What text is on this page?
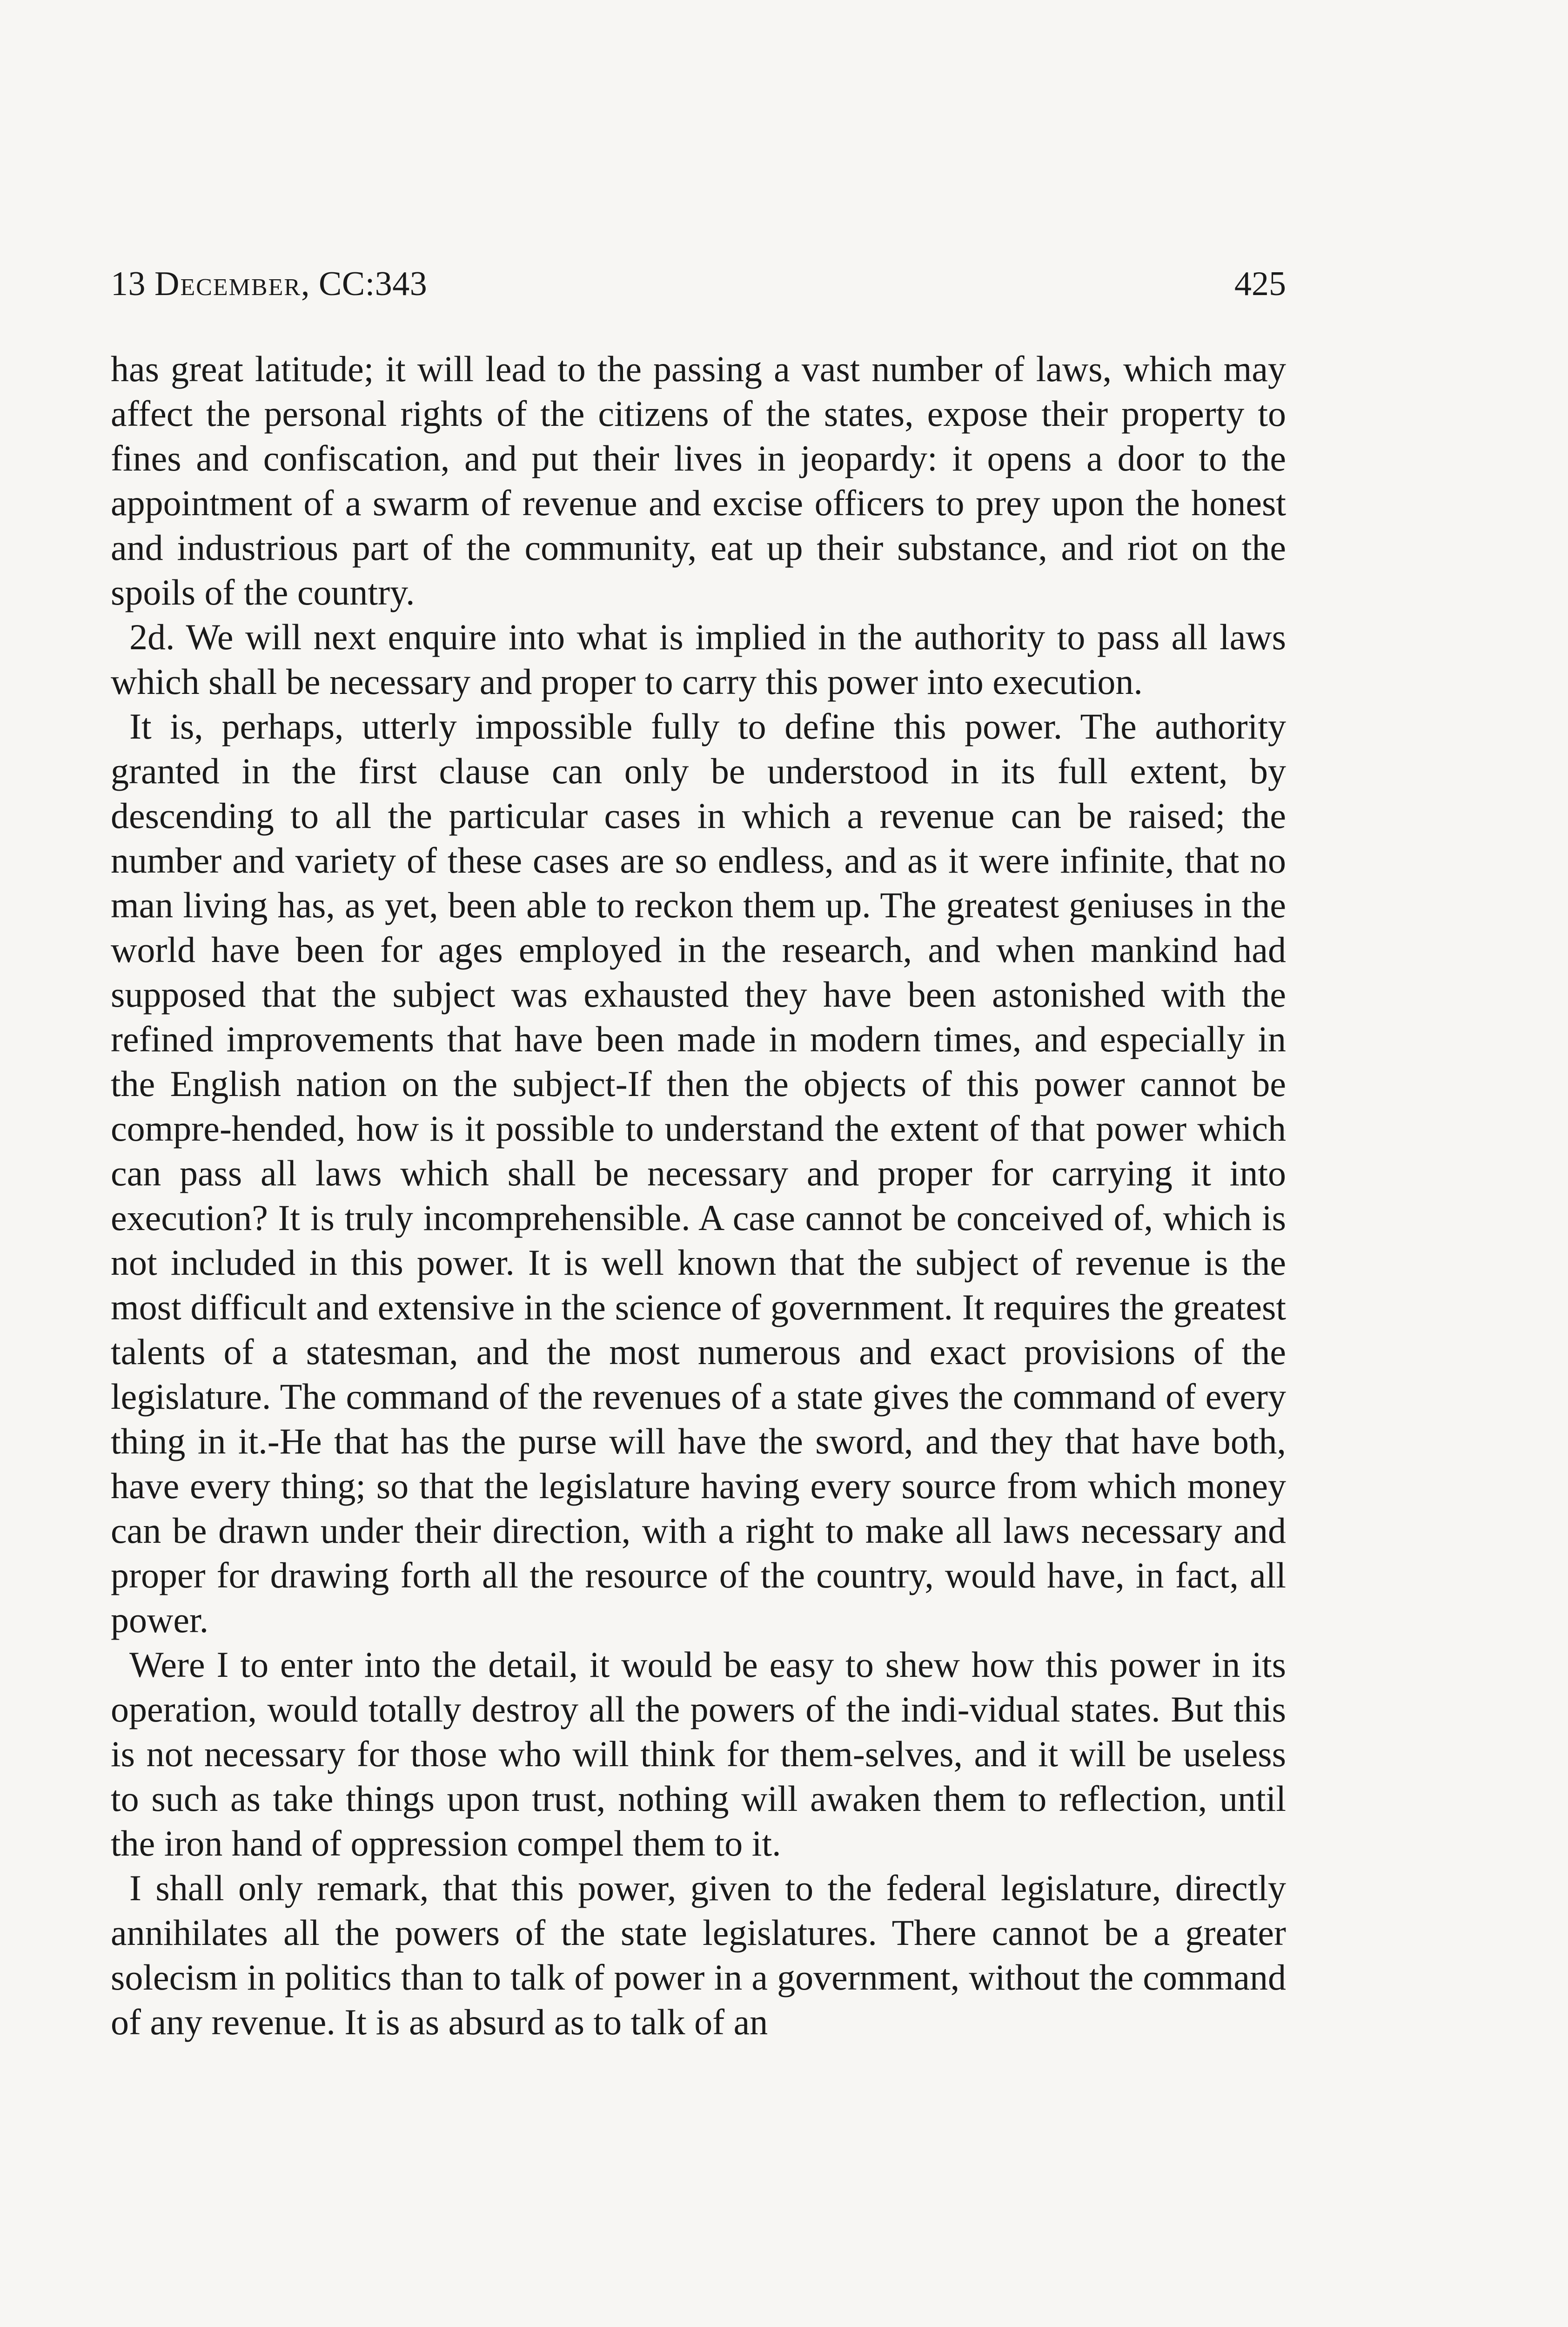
13 December, CC:343	425

has great latitude; it will lead to the passing a vast number of laws, which may affect the personal rights of the citizens of the states, expose their property to fines and confiscation, and put their lives in jeopardy: it opens a door to the appointment of a swarm of revenue and excise officers to prey upon the honest and industrious part of the community, eat up their substance, and riot on the spoils of the country.

2d. We will next enquire into what is implied in the authority to pass all laws which shall be necessary and proper to carry this power into execution.

It is, perhaps, utterly impossible fully to define this power. The authority granted in the first clause can only be understood in its full extent, by descending to all the particular cases in which a revenue can be raised; the number and variety of these cases are so endless, and as it were infinite, that no man living has, as yet, been able to reckon them up. The greatest geniuses in the world have been for ages employed in the research, and when mankind had supposed that the subject was exhausted they have been astonished with the refined improvements that have been made in modern times, and especially in the English nation on the subject-If then the objects of this power cannot be compre-hended, how is it possible to understand the extent of that power which can pass all laws which shall be necessary and proper for carrying it into execution? It is truly incomprehensible. A case cannot be conceived of, which is not included in this power. It is well known that the subject of revenue is the most difficult and extensive in the science of government. It requires the greatest talents of a statesman, and the most numerous and exact provisions of the legislature. The command of the revenues of a state gives the command of every thing in it.-He that has the purse will have the sword, and they that have both, have every thing; so that the legislature having every source from which money can be drawn under their direction, with a right to make all laws necessary and proper for drawing forth all the resource of the country, would have, in fact, all power.

Were I to enter into the detail, it would be easy to shew how this power in its operation, would totally destroy all the powers of the indi-vidual states. But this is not necessary for those who will think for them-selves, and it will be useless to such as take things upon trust, nothing will awaken them to reflection, until the iron hand of oppression compel them to it.

I shall only remark, that this power, given to the federal legislature, directly annihilates all the powers of the state legislatures. There cannot be a greater solecism in politics than to talk of power in a government, without the command of any revenue. It is as absurd as to talk of an
